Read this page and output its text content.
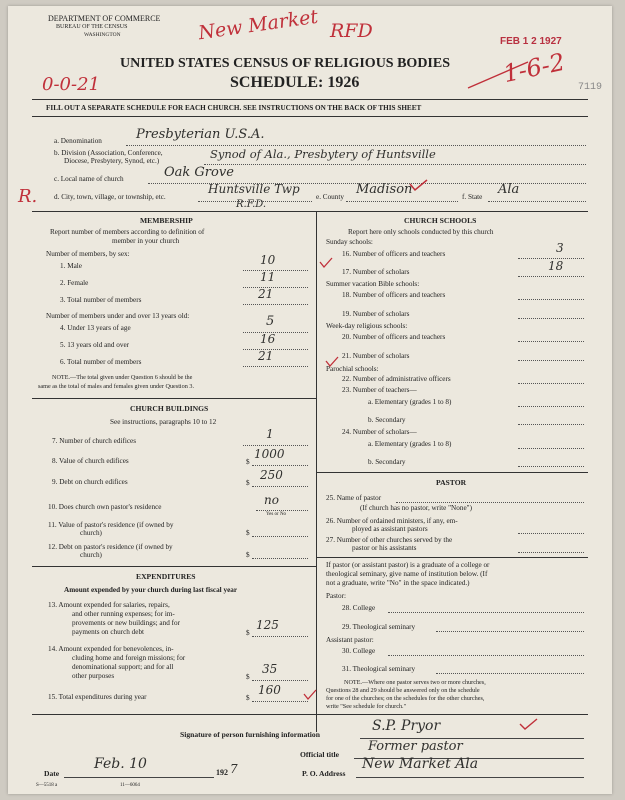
DEPARTMENT OF COMMERCE
BUREAU OF THE CENSUS
WASHINGTON	New Market RFD	FEB 1 2 1927
1-6-2 7119
UNITED STATES CENSUS OF RELIGIOUS BODIES
SCHEDULE: 1926
0-0-21
FILL OUT A SEPARATE SCHEDULE FOR EACH CHURCH. SEE INSTRUCTIONS ON THE BACK OF THIS SHEET
a. Denomination	Presbyterian U.S.A.
b. Division (Association, Conference,
Diocese, Presbytery, Synod, etc.)	Synod of Ala., Presbytery of Huntsville
c. Local name of church	Oak Grove
R. d. City, town, village, or township, etc.
Huntsville Twp
R.F.D.
e. County Madison	f. State Ala
MEMBERSHIP
Report number of members according to definition of
member in your church
Number of members, by sex:
1. Male	10
2. Female	11
3. Total number of members	21
Number of members under and over 13 years old:
4. Under 13 years of age	5
5. 13 years old and over	16
6. Total number of members	21
NOTE.—The total given under Question 6 should be the
same as the total of males and females given under Question 3.
CHURCH BUILDINGS
See instructions, paragraphs 10 to 12
7. Number of church edifices	1
8. Value of church edifices	$
1000
9. Debt on church edifices	$
250
10. Does church own pastor's residence	no
Yes or No
11. Value of pastor's residence (if owned by
church)	$
12. Debt on pastor's residence (if owned by
church)	$
EXPENDITURES
Amount expended by your church during last fiscal year
13. Amount expended for salaries, repairs,
and other running expenses; for im-
provements or new buildings; and for
payments on church debt	$
125
14. Amount expended for benevolences, in-
cluding home and foreign missions; for
denominational support; and for all
other purposes	$
35
15. Total expenditures during year	$
160
CHURCH SCHOOLS
Report here only schools conducted by this church
Sunday schools:
16. Number of officers and teachers	3
17. Number of scholars	18
Summer vacation Bible schools:
18. Number of officers and teachers
19. Number of scholars
Week-day religious schools:
20. Number of officers and teachers
21. Number of scholars
Parochial schools:
22. Number of administrative officers
23. Number of teachers—
a. Elementary (grades 1 to 8)
b. Secondary
24. Number of scholars—
a. Elementary (grades 1 to 8)
b. Secondary
PASTOR
25. Name of pastor
(If church has no pastor, write "None")
26. Number of ordained ministers, if any, em-
ployed as assistant pastors
27. Number of other churches served by the
pastor or his assistants
If pastor (or assistant pastor) is a graduate of a college or
theological seminary, give name of institution below. (If
not a graduate, write "No" in the space indicated.)
Pastor:
28. College
29. Theological seminary
Assistant pastor:
30. College
31. Theological seminary
NOTE.—Where one pastor serves two or more churches,
Questions 28 and 29 should be answered only on the schedule
for one of the churches; on the schedules for the other churches,
write "See schedule for church."
Signature of person furnishing information
S.P. Pryor
Official title
Former pastor
Date
Feb. 10
192 7	P. O. Address
New Market Ala
S—5518 a	11—6064
